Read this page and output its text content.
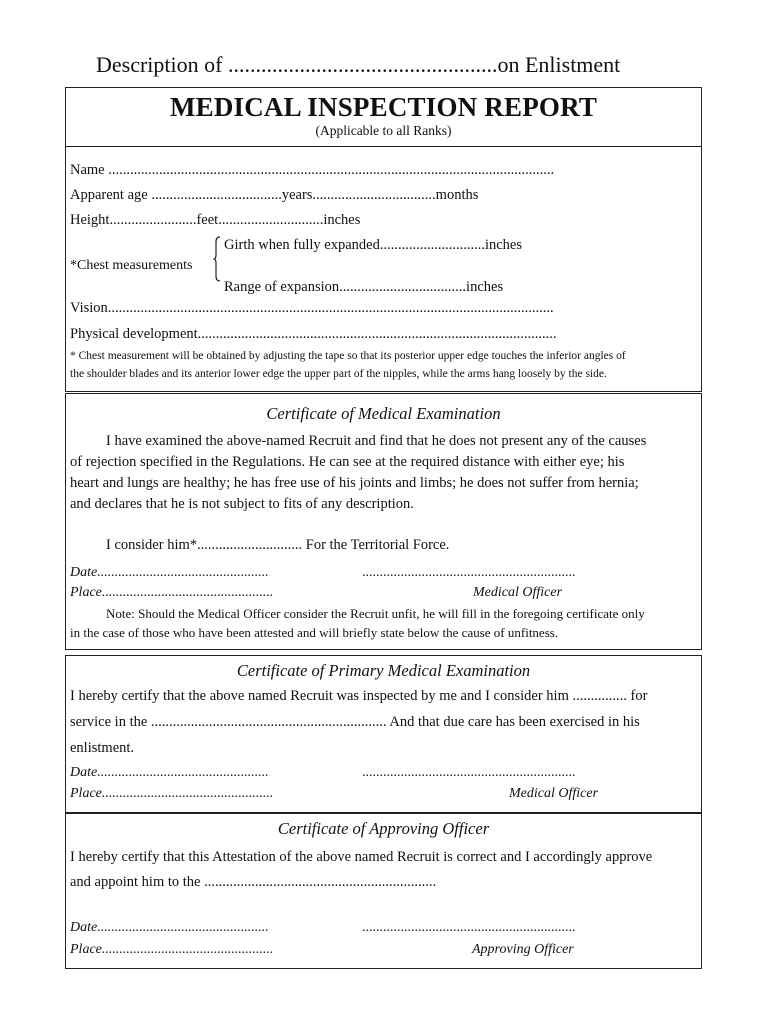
Description of .................................................on Enlistment
MEDICAL INSPECTION REPORT
(Applicable to all Ranks)
Name ...........................................................................................................................
Apparent age ....................................years..................................months
Height........................feet.............................inches
Girth when fully expanded.............................inches
*Chest measurements
Range of expansion...................................inches
Vision...........................................................................................................................
Physical development...................................................................................................
* Chest measurement will be obtained by adjusting the tape so that its posterior upper edge touches the inferior angles of
the shoulder blades and its anterior lower edge the upper part of the nipples, while the arms hang loosely by the side.
Certificate of Medical Examination
I have examined the above-named Recruit and find that he does not present any of the causes
of rejection specified in the Regulations. He can see at the required distance with either eye; his
heart and lungs are healthy; he has free use of his joints and limbs; he does not suffer from hernia;
and declares that he is not subject to fits of any description.
I consider him*............................. For the Territorial Force.
Date.................................................	.............................................................
Place.................................................	Medical Officer
Note: Should the Medical Officer consider the Recruit unfit, he will fill in the foregoing certificate only
in the case of those who have been attested and will briefly state below the cause of unfitness.
Certificate of Primary Medical Examination
I hereby certify that the above named Recruit was inspected by me and I consider him ............... for
service in the ................................................................. And that due care has been exercised in his
enlistment.
Date.................................................	.............................................................
Place.................................................	Medical Officer
Certificate of Approving Officer
I hereby certify that this Attestation of the above named Recruit is correct and I accordingly approve
and appoint him to the ................................................................
Date.................................................	.............................................................
Place.................................................	Approving Officer
